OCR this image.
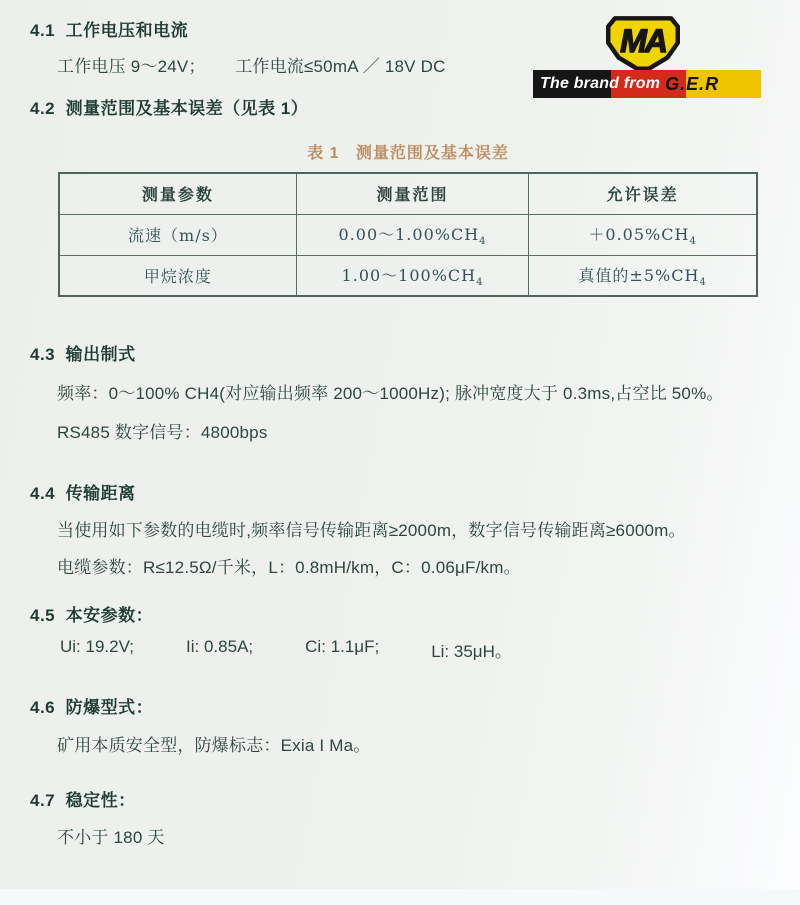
MA
The brand from G.E.R
4.1  工作电压和电流
工作电压 9～24V； 工作电流≤50mA ／ 18V DC
4.2  测量范围及基本误差（见表 1）
表 1   测量范围及基本误差
测量参数	测量范围	允许误差
流速（m/s）	$0.00\sim 1.00\%CH_4$	$+0.05\%CH_4$
甲烷浓度	$1.00\sim 100\%CH_4$	真值的$\pm 5\%CH_4$
4.3  输出制式
频率：0～100% CH4(对应输出频率 200～1000Hz); 脉冲宽度大于 0.3ms,占空比 50%。
RS485 数字信号：4800bps
4.4  传输距离
当使用如下参数的电缆时,频率信号传输距离≥2000m，数字信号传输距离≥6000m。
电缆参数：R≤12.5Ω/千米，L：0.8mH/km，C：0.06μF/km。
4.5  本安参数：
Ui: 19.2V;	Ii: 0.85A;	Ci: 1.1μF;	Li: 35μH。
4.6  防爆型式：
矿用本质安全型，防爆标志：Exia I Ma。
4.7  稳定性：
不小于 180 天
